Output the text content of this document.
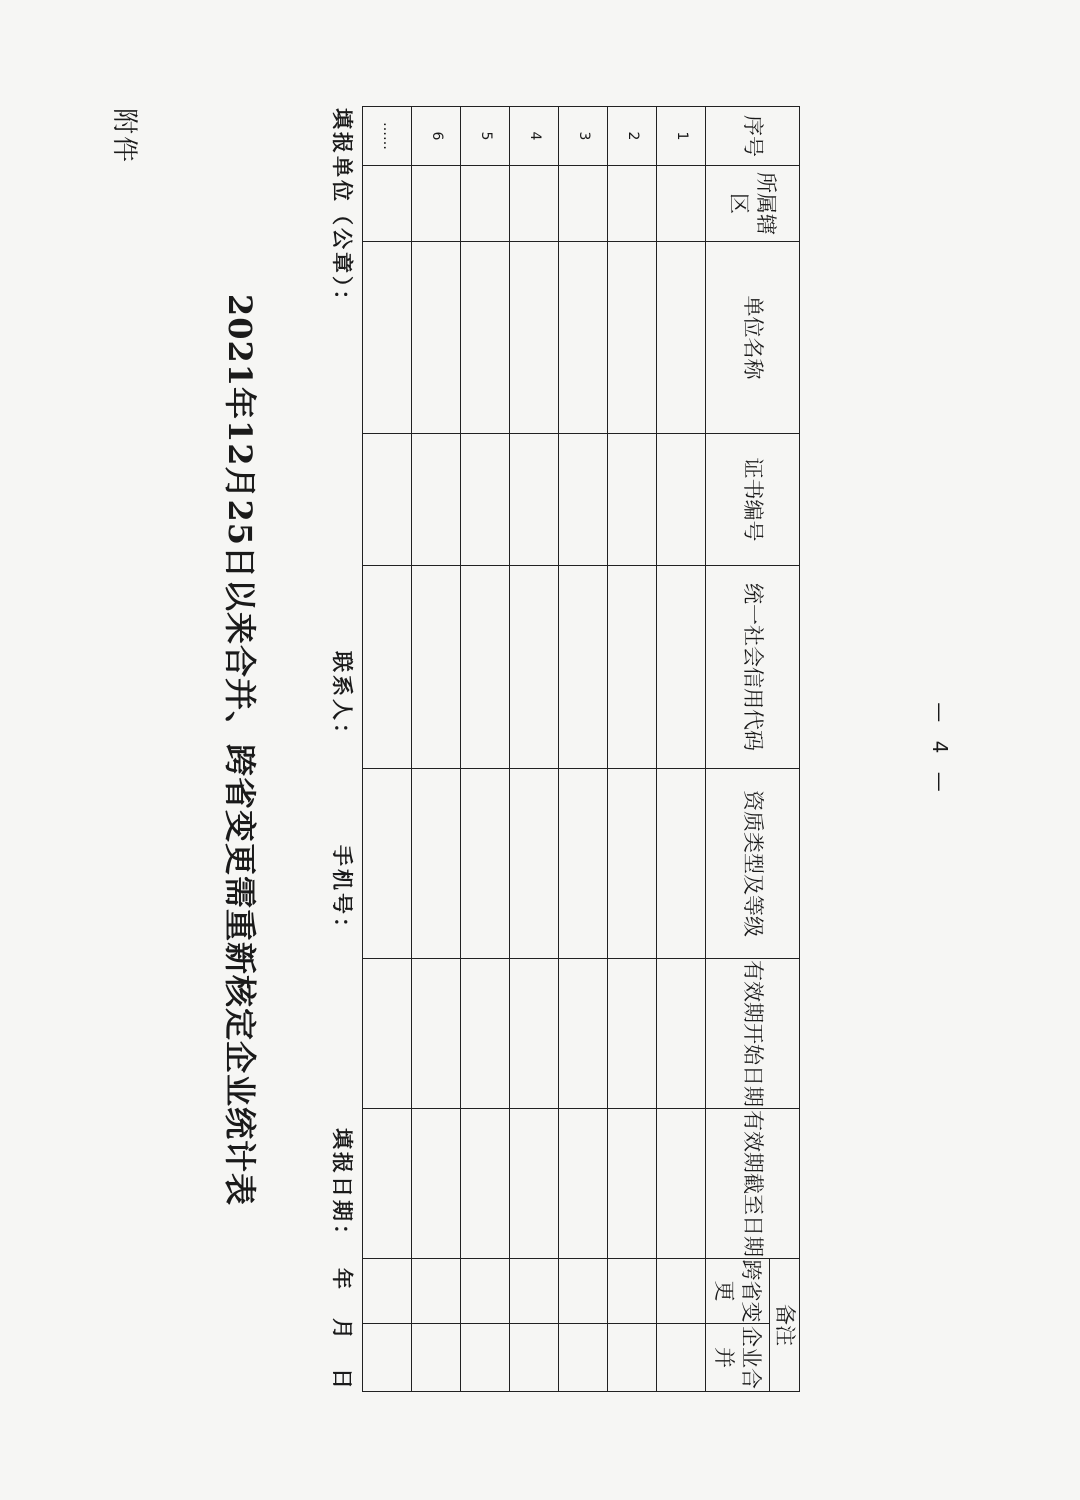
附件
2021年12月25日以来合并、跨省变更需重新核定企业统计表
填报单位（公章）：
联系人：
手机号：
填报日期：
年
月
日
序号	所属辖区	单位名称	证书编号	统一社会信用代码	资质类型及等级	有效期开始日期	有效期截至日期	备注	
								跨省变更	企业合并
1									
2									
3									
4									
5									
6									
……									
— 4 —
